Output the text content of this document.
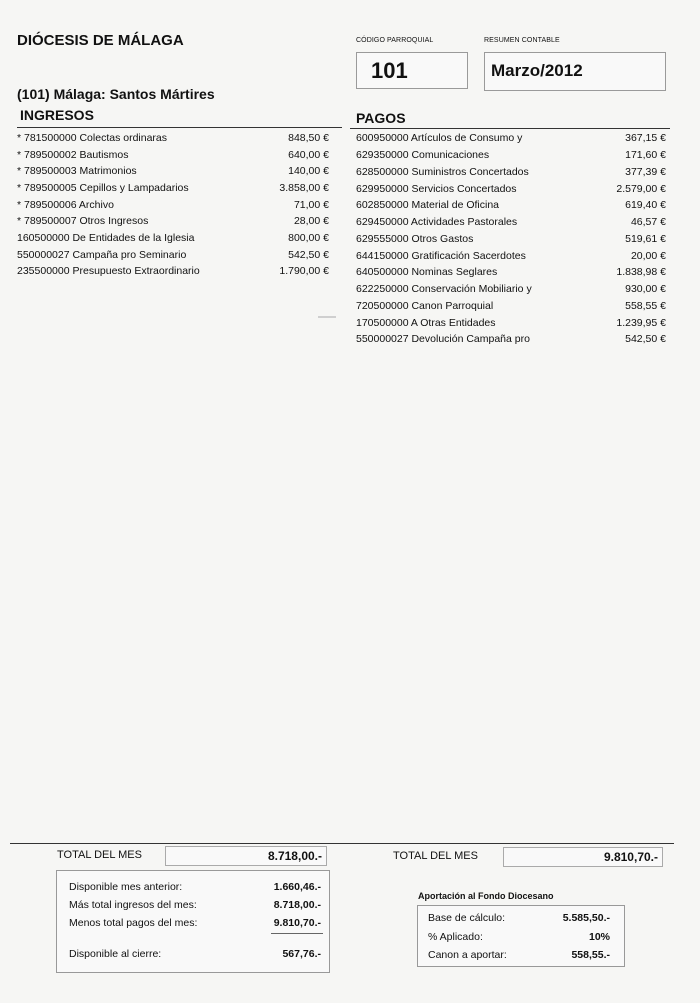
DIÓCESIS DE MÁLAGA	CÓDIGO PARROQUIAL	RESUMEN CONTABLE
101	Marzo/2012
(101) Málaga: Santos Mártires
INGRESOS	PAGOS
* 781500000 Colectas ordinaras	848,50 €
* 789500002 Bautismos	640,00 €
* 789500003 Matrimonios	140,00 €
* 789500005 Cepillos y Lampadarios	3.858,00 €
* 789500006 Archivo	71,00 €
* 789500007 Otros Ingresos	28,00 €
160500000 De Entidades de la Iglesia	800,00 €
550000027 Campaña pro Seminario	542,50 €
235500000 Presupuesto Extraordinario	1.790,00 €
600950000 Artículos de Consumo y	367,15 €
629350000 Comunicaciones	171,60 €
628500000 Suministros Concertados	377,39 €
629950000 Servicios Concertados	2.579,00 €
602850000 Material de Oficina	619,40 €
629450000 Actividades Pastorales	46,57 €
629555000 Otros Gastos	519,61 €
644150000 Gratificación Sacerdotes	20,00 €
640500000 Nominas Seglares	1.838,98 €
622250000 Conservación Mobiliario y	930,00 €
720500000 Canon Parroquial	558,55 €
170500000 A Otras Entidades	1.239,95 €
550000027 Devolución Campaña pro	542,50 €
TOTAL DEL MES	8.718,00.-	TOTAL DEL MES	9.810,70.-
Disponible mes anterior:	1.660,46.-
Más total ingresos del mes:	8.718,00.-
Menos total pagos del mes:	9.810,70.-
Disponible al cierre:	567,76.-
Aportación al Fondo Diocesano
Base de cálculo:	5.585,50.-
% Aplicado:	10%
Canon a aportar:	558,55.-
